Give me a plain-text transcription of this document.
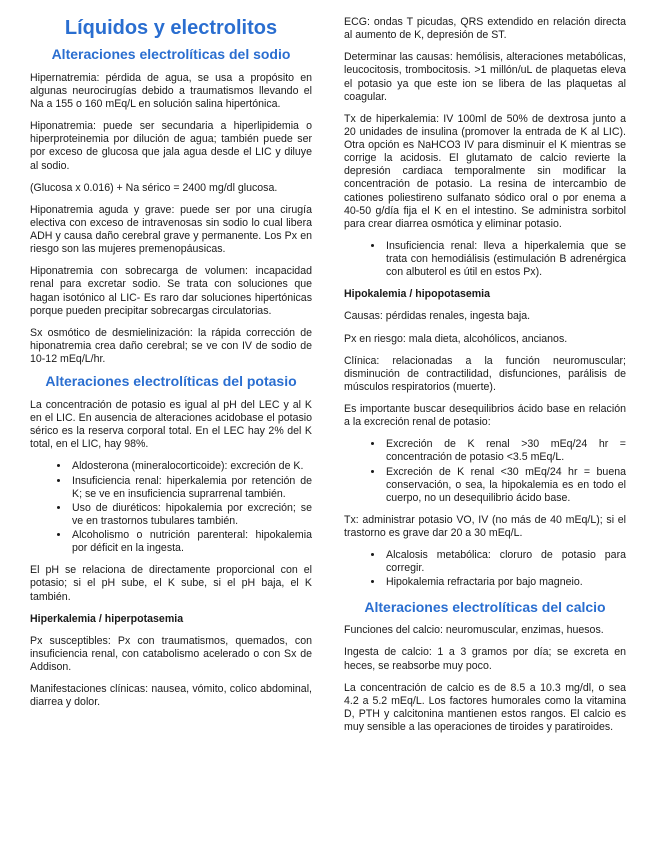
Líquidos y electrolitos
Alteraciones electrolíticas del sodio

Hipernatremia: pérdida de agua, se usa a propósito en algunas neurocirugías debido a traumatismos llevando el Na a 155 o 160 mEq/L en solución salina hipertónica.

Hiponatremia: puede ser secundaria a hiperlipidemia o hiperproteinemia por dilución de agua; también puede ser por exceso de glucosa que jala agua desde el LIC y diluye al sodio.

(Glucosa x 0.016) + Na sérico = 2400 mg/dl glucosa.

Hiponatremia aguda y grave: puede ser por una cirugía electiva con exceso de intravenosas sin sodio lo cual libera ADH y causa daño cerebral grave y permanente. Los Px en riesgo son las mujeres premenopáusicas.

Hiponatremia con sobrecarga de volumen: incapacidad renal para excretar sodio. Se trata con soluciones que hagan isotónico al LIC- Es raro dar soluciones hipertónicas porque pueden precipitar sobrecargas circulatorias.

Sx osmótico de desmielinización: la rápida corrección de hiponatremia crea daño cerebral; se ve con IV de sodio de 10-12 mEq/L/hr.

Alteraciones electrolíticas del potasio

La concentración de potasio es igual al pH del LEC y al K en el LIC. En ausencia de alteraciones acidobase el potasio sérico es la reserva corporal total. En el LEC hay 2% del K total, en el LIC, hay 98%.

• Aldosterona (mineralocorticoide): excreción de K.
• Insuficiencia renal: hiperkalemia por retención de K; se ve en insuficiencia suprarrenal también.
• Uso de diuréticos: hipokalemia por excreción; se ve en trastornos tubulares también.
• Alcoholismo o nutrición parenteral: hipokalemia por déficit en la ingesta.

El pH se relaciona de directamente proporcional con el potasio; si el pH sube, el K sube, si el pH baja, el K también.

Hiperkalemia / hiperpotasemia

Px susceptibles: Px con traumatismos, quemados, con insuficiencia renal, con catabolismo acelerado o con Sx de Addison.

Manifestaciones clínicas: nausea, vómito, colico abdominal, diarrea y dolor.

ECG: ondas T picudas, QRS extendido en relación directa al aumento de K, depresión de ST.

Determinar las causas: hemólisis, alteraciones metabólicas, leucocitosis, trombocitosis. >1 millón/uL de plaquetas eleva el potasio ya que este ion se libera de las plaquetas al coagular.

Tx de hiperkalemia: IV 100ml de 50% de dextrosa junto a 20 unidades de insulina (promover la entrada de K al LIC). Otra opción es NaHCO3 IV para disminuir el K mientras se corrige la acidosis. El glutamato de calcio revierte la depresión cardiaca temporalmente sin modificar la concentración de potasio. La resina de intercambio de cationes poliestireno sulfanato sódico oral o por enema a 40-50 g/día fija el K en el intestino. Se administra sorbitol para crear diarrea osmótica y eliminar potasio.

• Insuficiencia renal: lleva a hiperkalemia que se trata con hemodiálisis (estimulación B adrenérgica con albuterol es útil en estos Px).
Hipokalemia / hipopotasemia

Causas: pérdidas renales, ingesta baja.

Px en riesgo: mala dieta, alcohólicos, ancianos.

Clínica: relacionadas a la función neuromuscular; disminución de contractilidad, disfunciones, parálisis de músculos respiratorios (muerte).

Es importante buscar desequilibrios ácido base en relación a la excreción renal de potasio:

• Excreción de K renal >30 mEq/24 hr = concentración de potasio <3.5 mEq/L.
• Excreción de K renal <30 mEq/24 hr = buena conservación, o sea, la hipokalemia es en todo el cuerpo, no un desequilibrio ácido base.

Tx: administrar potasio VO, IV (no más de 40 mEq/L); si el trastorno es grave dar 20 a 30 mEq/L.

• Alcalosis metabólica: cloruro de potasio para corregir.
• Hipokalemia refractaria por bajo magneio.
Alteraciones electrolíticas del calcio

Funciones del calcio: neuromuscular, enzimas, huesos.

Ingesta de calcio: 1 a 3 gramos por día; se excreta en heces, se reabsorbe muy poco.

La concentración de calcio es de 8.5 a 10.3 mg/dl, o sea 4.2 a 5.2 mEq/L. Los factores humorales como la vitamina D, PTH y calcitonina mantienen estos rangos. El calcio es muy sensible a las operaciones de tiroides y paratiroides.
